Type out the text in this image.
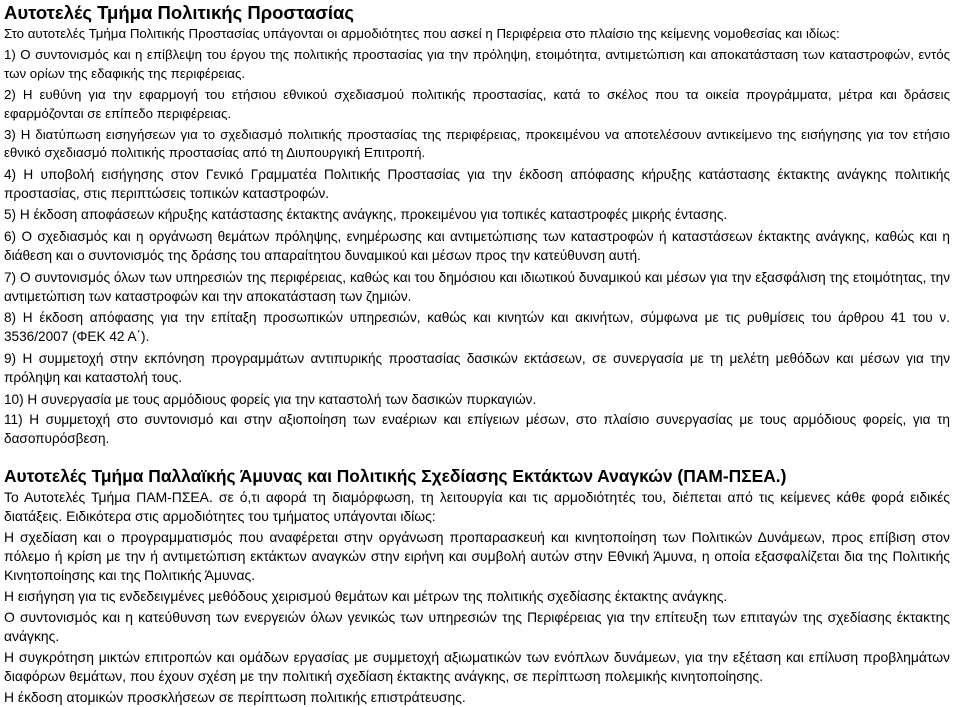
Αυτοτελές Τμήμα Πολιτικής Προστασίας

Στο αυτοτελές Τμήμα Πολιτικής Προστασίας υπάγονται οι αρμοδιότητες που ασκεί η Περιφέρεια στο πλαίσιο της κείμενης νομοθεσίας και ιδίως:

1) Ο συντονισμός και η επίβλεψη του έργου της πολιτικής προστασίας για την πρόληψη, ετοιμότητα, αντιμετώπιση και αποκατάσταση των καταστροφών, εντός των ορίων της εδαφικής της περιφέρειας.

2) Η ευθύνη για την εφαρμογή του ετήσιου εθνικού σχεδιασμού πολιτικής προστασίας, κατά το σκέλος που τα οικεία προγράμματα, μέτρα και δράσεις εφαρμόζονται σε επίπεδο περιφέρειας.

3) Η διατύπωση εισηγήσεων για το σχεδιασμό πολιτικής προστασίας της περιφέρειας, προκειμένου να αποτελέσουν αντικείμενο της εισήγησης για τον ετήσιο εθνικό σχεδιασμό πολιτικής προστασίας από τη Διυπουργική Επιτροπή.

4) Η υποβολή εισήγησης στον Γενικό Γραμματέα Πολιτικής Προστασίας για την έκδοση απόφασης κήρυξης κατάστασης έκτακτης ανάγκης πολιτικής προστασίας, στις περιπτώσεις τοπικών καταστροφών.

5) Η έκδοση αποφάσεων κήρυξης κατάστασης έκτακτης ανάγκης, προκειμένου για τοπικές καταστροφές μικρής έντασης.

6) Ο σχεδιασμός και η οργάνωση θεμάτων πρόληψης, ενημέρωσης και αντιμετώπισης των καταστροφών ή καταστάσεων έκτακτης ανάγκης, καθώς και η διάθεση και ο συντονισμός της δράσης του απαραίτητου δυναμικού και μέσων προς την κατεύθυνση αυτή.

7) Ο συντονισμός όλων των υπηρεσιών της περιφέρειας, καθώς και του δημόσιου και ιδιωτικού δυναμικού και μέσων για την εξασφάλιση της ετοιμότητας, την αντιμετώπιση των καταστροφών και την αποκατάσταση των ζημιών.

8) Η έκδοση απόφασης για την επίταξη προσωπικών υπηρεσιών, καθώς και κινητών και ακινήτων, σύμφωνα με τις ρυθμίσεις του άρθρου 41 του ν. 3536/2007 (ΦΕΚ 42 Α΄).

9) Η συμμετοχή στην εκπόνηση προγραμμάτων αντιπυρικής προστασίας δασικών εκτάσεων, σε συνεργασία με τη μελέτη μεθόδων και μέσων για την πρόληψη και καταστολή τους.

10) Η συνεργασία με τους αρμόδιους φορείς για την καταστολή των δασικών πυρκαγιών.

11) Η συμμετοχή στο συντονισμό και στην αξιοποίηση των εναέριων και επίγειων μέσων, στο πλαίσιο συνεργασίας με τους αρμόδιους φορείς, για τη δασοπυρόσβεση.

Αυτοτελές Τμήμα Παλλαϊκής Άμυνας και Πολιτικής Σχεδίασης Εκτάκτων Αναγκών (ΠΑΜ-ΠΣΕΑ.)

Το Αυτοτελές Τμήμα ΠΑΜ-ΠΣΕΑ. σε ό,τι αφορά τη διαμόρφωση, τη λειτουργία και τις αρμοδιότητές του, διέπεται από τις κείμενες κάθε φορά ειδικές διατάξεις. Ειδικότερα στις αρμοδιότητες του τμήματος υπάγονται ιδίως:

Η σχεδίαση και ο προγραμματισμός που αναφέρεται στην οργάνωση προπαρασκευή και κινητοποίηση των Πολιτικών Δυνάμεων, προς επίβιση στον πόλεμο ή κρίση με την ή αντιμετώπιση εκτάκτων αναγκών στην ειρήνη και συμβολή αυτών στην Εθνική Άμυνα, η οποία εξασφαλίζεται δια της Πολιτικής Κινητοποίησης και της Πολιτικής Άμυνας.

Η εισήγηση για τις ενδεδειγμένες μεθόδους χειρισμού θεμάτων και μέτρων της πολιτικής σχεδίασης έκτακτης ανάγκης.

Ο συντονισμός και η κατεύθυνση των ενεργειών όλων γενικώς των υπηρεσιών της Περιφέρειας για την επίτευξη των επιταγών της σχεδίασης έκτακτης ανάγκης.

Η συγκρότηση μικτών επιτροπών και ομάδων εργασίας με συμμετοχή αξιωματικών των ενόπλων δυνάμεων, για την εξέταση και επίλυση προβλημάτων διαφόρων θεμάτων, που έχουν σχέση με την πολιτική σχεδίαση έκτακτης ανάγκης, σε περίπτωση πολεμικής κινητοποίησης.

Η έκδοση ατομικών προσκλήσεων σε περίπτωση πολιτικής επιστράτευσης.
